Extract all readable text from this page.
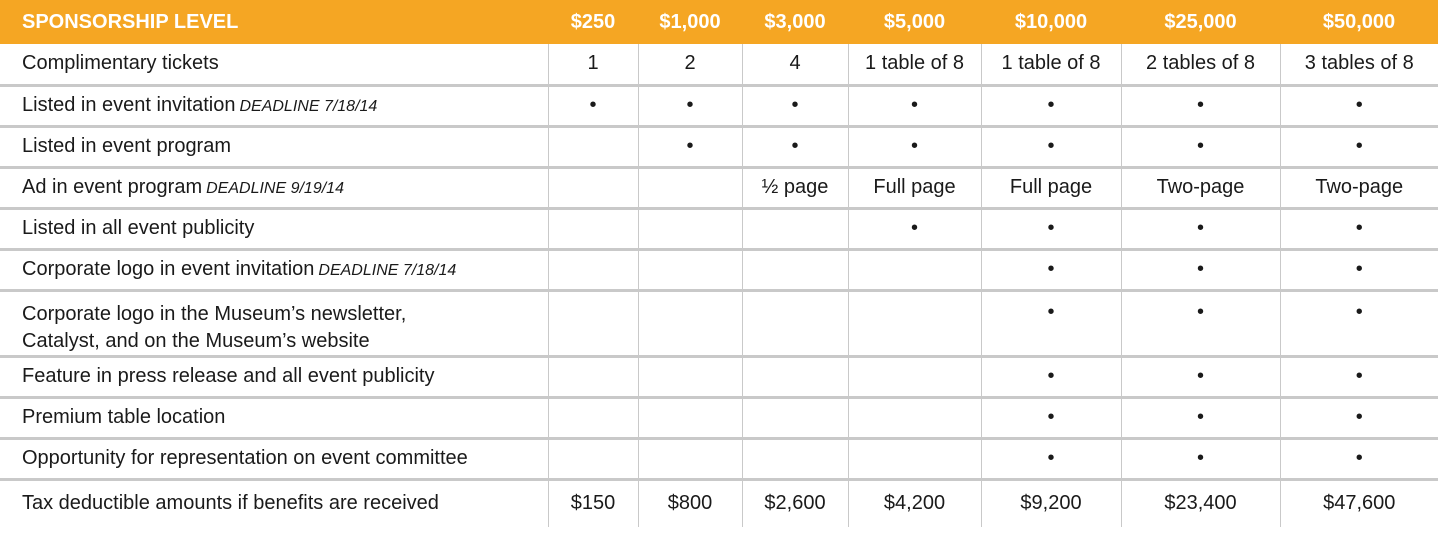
SPONSORSHIP LEVEL	$250	$1,000	$3,000	$5,000	$10,000	$25,000	$50,000
Complimentary tickets	1	2	4	1 table of 8	1 table of 8	2 tables of 8	3 tables of 8
Listed in event invitation DEADLINE 7/18/14	•	•	•	•	•	•	•
Listed in event program		•	•	•	•	•	•
Ad in event program DEADLINE 9/19/14			½ page	Full page	Full page	Two-page	Two-page
Listed in all event publicity				•	•	•	•
Corporate logo in event invitation DEADLINE 7/18/14					•	•	•
Corporate logo in the Museum’s newsletter,
Catalyst, and on the Museum’s website					•	•	•
Feature in press release and all event publicity					•	•	•
Premium table location					•	•	•
Opportunity for representation on event committee					•	•	•
Tax deductible amounts if benefits are received	$150	$800	$2,600	$4,200	$9,200	$23,400	$47,600
